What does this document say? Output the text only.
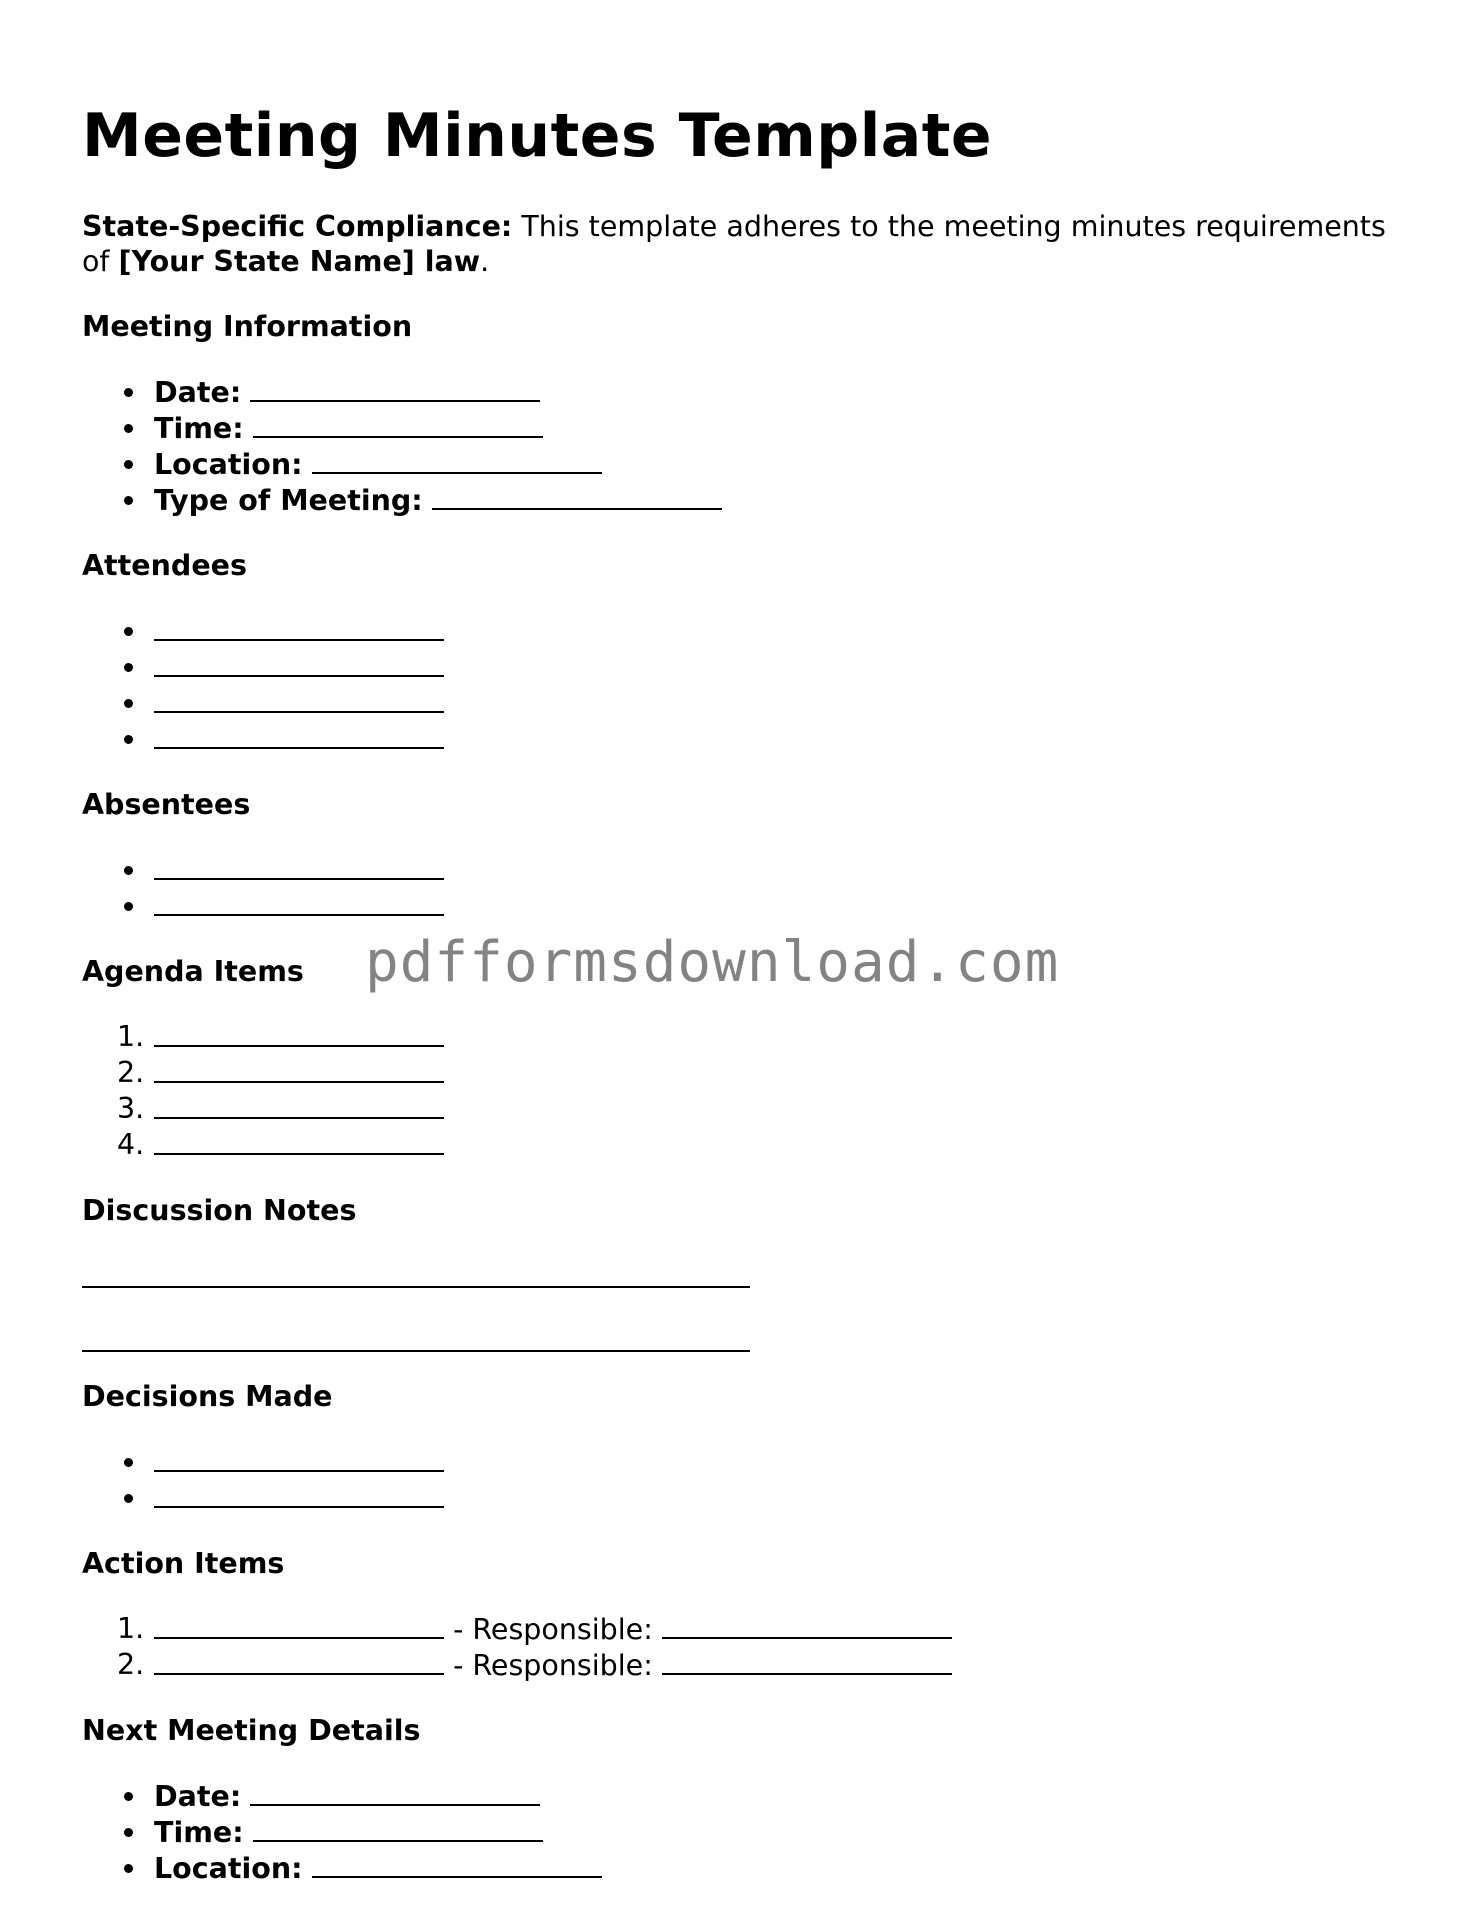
Meeting Minutes Template

State-Specific Compliance: This template adheres to the meeting minutes requirements of [Your State Name] law.

Meeting Information
Date:
Time:
Location:
Type of Meeting:
Attendees
Absentees
Agenda Items
1.
2.
3.
4.
Discussion Notes
Decisions Made
Action Items
1.	- Responsible:
2.	- Responsible:
Next Meeting Details
Date:
Time:
Location:
pdfformsdownload.com
